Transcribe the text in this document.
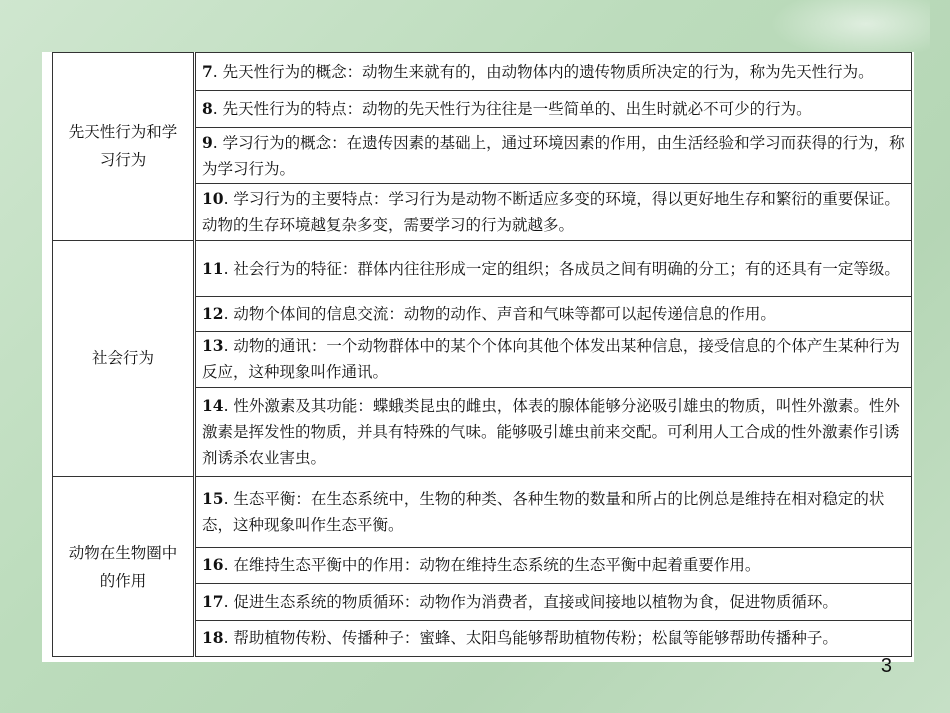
先天性行为和学习行为	7. 先天性行为的概念：动物生来就有的，由动物体内的遗传物质所决定的行为，称为先天性行为。
	8. 先天性行为的特点：动物的先天性行为往往是一些简单的、出生时就必不可少的行为。
	9. 学习行为的概念：在遗传因素的基础上，通过环境因素的作用，由生活经验和学习而获得的行为，称为学习行为。
	10. 学习行为的主要特点：学习行为是动物不断适应多变的环境，得以更好地生存和繁衍的重要保证。动物的生存环境越复杂多变，需要学习的行为就越多。
社会行为	11. 社会行为的特征：群体内往往形成一定的组织；各成员之间有明确的分工；有的还具有一定等级。
	12. 动物个体间的信息交流：动物的动作、声音和气味等都可以起传递信息的作用。
	13. 动物的通讯：一个动物群体中的某个个体向其他个体发出某种信息，接受信息的个体产生某种行为反应，这种现象叫作通讯。
	14. 性外激素及其功能：蝶蛾类昆虫的雌虫，体表的腺体能够分泌吸引雄虫的物质，叫性外激素。性外激素是挥发性的物质，并具有特殊的气味。能够吸引雄虫前来交配。可利用人工合成的性外激素作引诱剂诱杀农业害虫。
动物在生物圈中的作用	15. 生态平衡：在生态系统中，生物的种类、各种生物的数量和所占的比例总是维持在相对稳定的状态，这种现象叫作生态平衡。
	16. 在维持生态平衡中的作用：动物在维持生态系统的生态平衡中起着重要作用。
	17. 促进生态系统的物质循环：动物作为消费者，直接或间接地以植物为食，促进物质循环。
	18. 帮助植物传粉、传播种子：蜜蜂、太阳鸟能够帮助植物传粉；松鼠等能够帮助传播种子。
3
